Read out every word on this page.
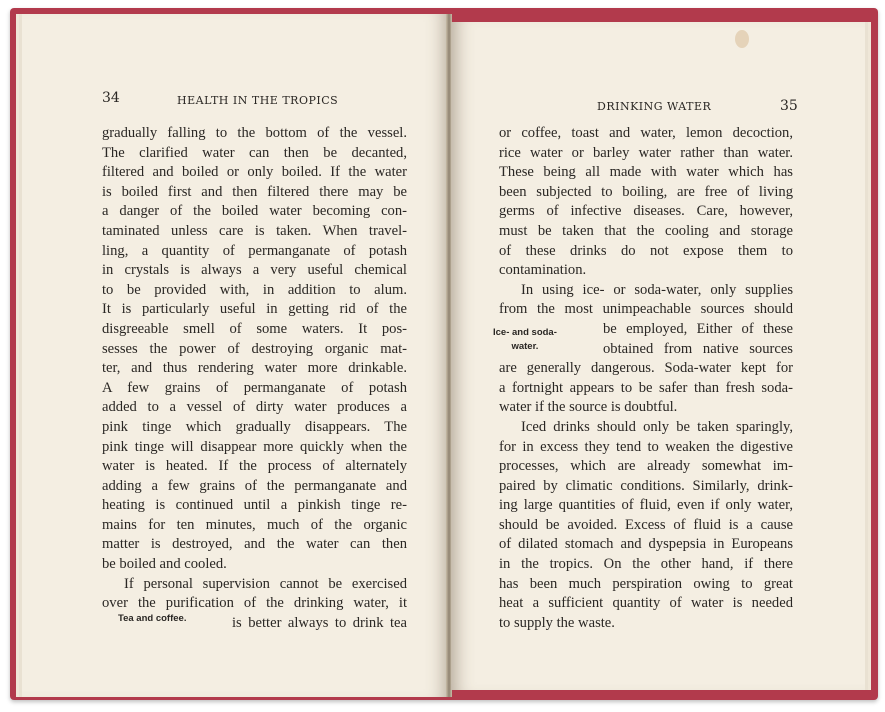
34	HEALTH IN THE TROPICS
gradually falling to the bottom of the vessel.
The clarified water can then be decanted,
filtered and boiled or only boiled. If the water
is boiled first and then filtered there may be
a danger of the boiled water becoming con-
taminated unless care is taken. When travel-
ling, a quantity of permanganate of potash
in crystals is always a very useful chemical
to be provided with, in addition to alum.
It is particularly useful in getting rid of the
disgreeable smell of some waters. It pos-
sesses the power of destroying organic mat-
ter, and thus rendering water more drinkable.
A few grains of permanganate of potash
added to a vessel of dirty water produces a
pink tinge which gradually disappears. The
pink tinge will disappear more quickly when the
water is heated. If the process of alternately
adding a few grains of the permanganate and
heating is continued until a pinkish tinge re-
mains for ten minutes, much of the organic
matter is destroyed, and the water can then
be boiled and cooled.
If personal supervision cannot be exercised
over the purification of the drinking water, it
is better always to drink tea
Tea and coffee.
DRINKING WATER	35
or coffee, toast and water, lemon decoction,
rice water or barley water rather than water.
These being all made with water which has
been subjected to boiling, are free of living
germs of infective diseases. Care, however,
must be taken that the cooling and storage
of these drinks do not expose them to
contamination.
In using ice- or soda-water, only supplies
from the most unimpeachable sources should
be employed, Either of these
obtained from native sources
are generally dangerous. Soda-water kept for
a fortnight appears to be safer than fresh soda-
water if the source is doubtful.
Iced drinks should only be taken sparingly,
for in excess they tend to weaken the digestive
processes, which are already somewhat im-
paired by climatic conditions. Similarly, drink-
ing large quantities of fluid, even if only water,
should be avoided. Excess of fluid is a cause
of dilated stomach and dyspepsia in Europeans
in the tropics. On the other hand, if there
has been much perspiration owing to great
heat a sufficient quantity of water is needed
to supply the waste.
Ice- and soda-
water.
